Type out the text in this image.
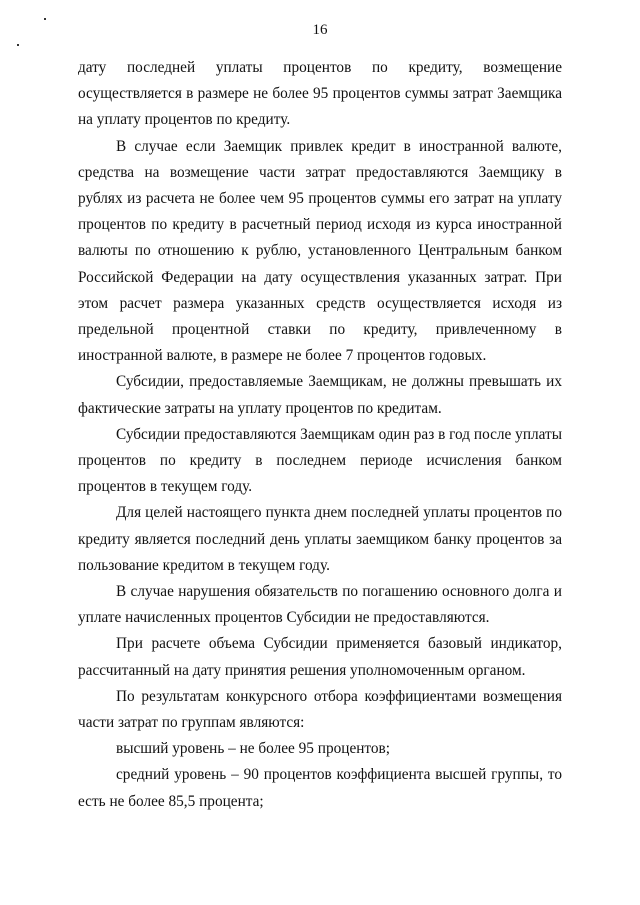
16

дату последней уплаты процентов по кредиту, возмещение осуществляется в размере не более 95 процентов суммы затрат Заемщика на уплату процентов по кредиту.

В случае если Заемщик привлек кредит в иностранной валюте, средства на возмещение части затрат предоставляются Заемщику в рублях из расчета не более чем 95 процентов суммы его затрат на уплату процентов по кредиту в расчетный период исходя из курса иностранной валюты по отношению к рублю, установленного Центральным банком Российской Федерации на дату осуществления указанных затрат. При этом расчет размера указанных средств осуществляется исходя из предельной процентной ставки по кредиту, привлеченному в иностранной валюте, в размере не более 7 процентов годовых.

Субсидии, предоставляемые Заемщикам, не должны превышать их фактические затраты на уплату процентов по кредитам.

Субсидии предоставляются Заемщикам один раз в год после уплаты процентов по кредиту в последнем периоде исчисления банком процентов в текущем году.

Для целей настоящего пункта днем последней уплаты процентов по кредиту является последний день уплаты заемщиком банку процентов за пользование кредитом в текущем году.

В случае нарушения обязательств по погашению основного долга и уплате начисленных процентов Субсидии не предоставляются.

При расчете объема Субсидии применяется базовый индикатор, рассчитанный на дату принятия решения уполномоченным органом.

По результатам конкурсного отбора коэффициентами возмещения части затрат по группам являются:

высший уровень – не более 95 процентов;

средний уровень – 90 процентов коэффициента высшей группы, то есть не более 85,5 процента;
